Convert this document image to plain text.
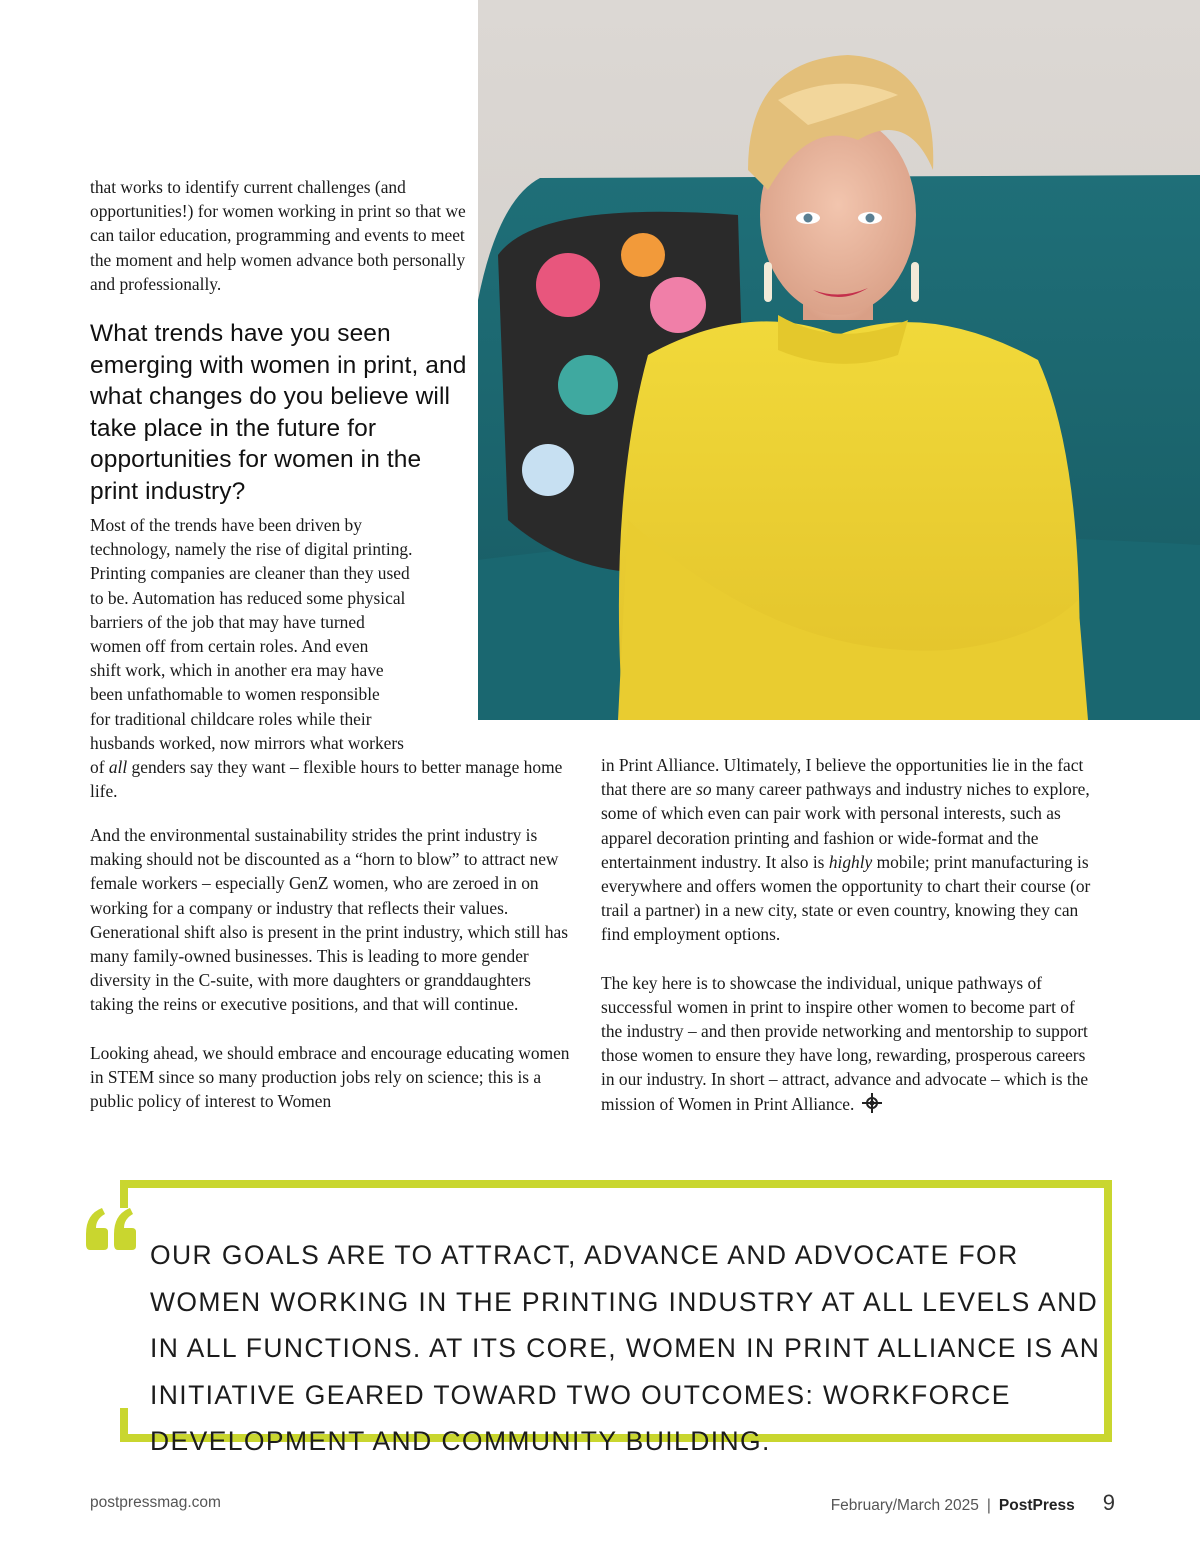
that works to identify current challenges (and opportunities!) for women working in print so that we can tailor education, programming and events to meet the moment and help women advance both personally and professionally.

What trends have you seen emerging with women in print, and what changes do you believe will take place in the future for opportunities for women in the print industry?
Most of the trends have been driven by
technology, namely the rise of digital printing.
Printing companies are cleaner than they used
to be. Automation has reduced some physical
barriers of the job that may have turned
women off from certain roles. And even
shift work, which in another era may have
been unfathomable to women responsible
for traditional childcare roles while their
husbands worked, now mirrors what workers
of all genders say they want – flexible hours to better manage home life.

And the environmental sustainability strides the print industry is making should not be discounted as a “horn to blow” to attract new female workers – especially GenZ women, who are zeroed in on working for a company or industry that reflects their values. Generational shift also is present in the print industry, which still has many family-owned businesses. This is leading to more gender diversity in the C-suite, with more daughters or granddaughters taking the reins or executive positions, and that will continue.

Looking ahead, we should embrace and encourage educating women in STEM since so many production jobs rely on science; this is a public policy of interest to Women

in Print Alliance. Ultimately, I believe the opportunities lie in the fact that there are so many career pathways and industry niches to explore, some of which even can pair work with personal interests, such as apparel decoration printing and fashion or wide-format and the entertainment industry. It also is highly mobile; print manufacturing is everywhere and offers women the opportunity to chart their course (or trail a partner) in a new city, state or even country, knowing they can find employment options.

The key here is to showcase the individual, unique pathways of successful women in print to inspire other women to become part of the industry – and then provide networking and mentorship to support those women to ensure they have long, rewarding, prosperous careers in our industry. In short – attract, advance and advocate – which is the mission of Women in Print Alliance.

OUR GOALS ARE TO ATTRACT, ADVANCE AND ADVOCATE FOR WOMEN WORKING IN THE PRINTING INDUSTRY AT ALL LEVELS AND IN ALL FUNCTIONS. AT ITS CORE, WOMEN IN PRINT ALLIANCE IS AN INITIATIVE GEARED TOWARD TWO OUTCOMES: WORKFORCE DEVELOPMENT AND COMMUNITY BUILDING.
postpressmag.com	February/March 2025 | PostPress 9
